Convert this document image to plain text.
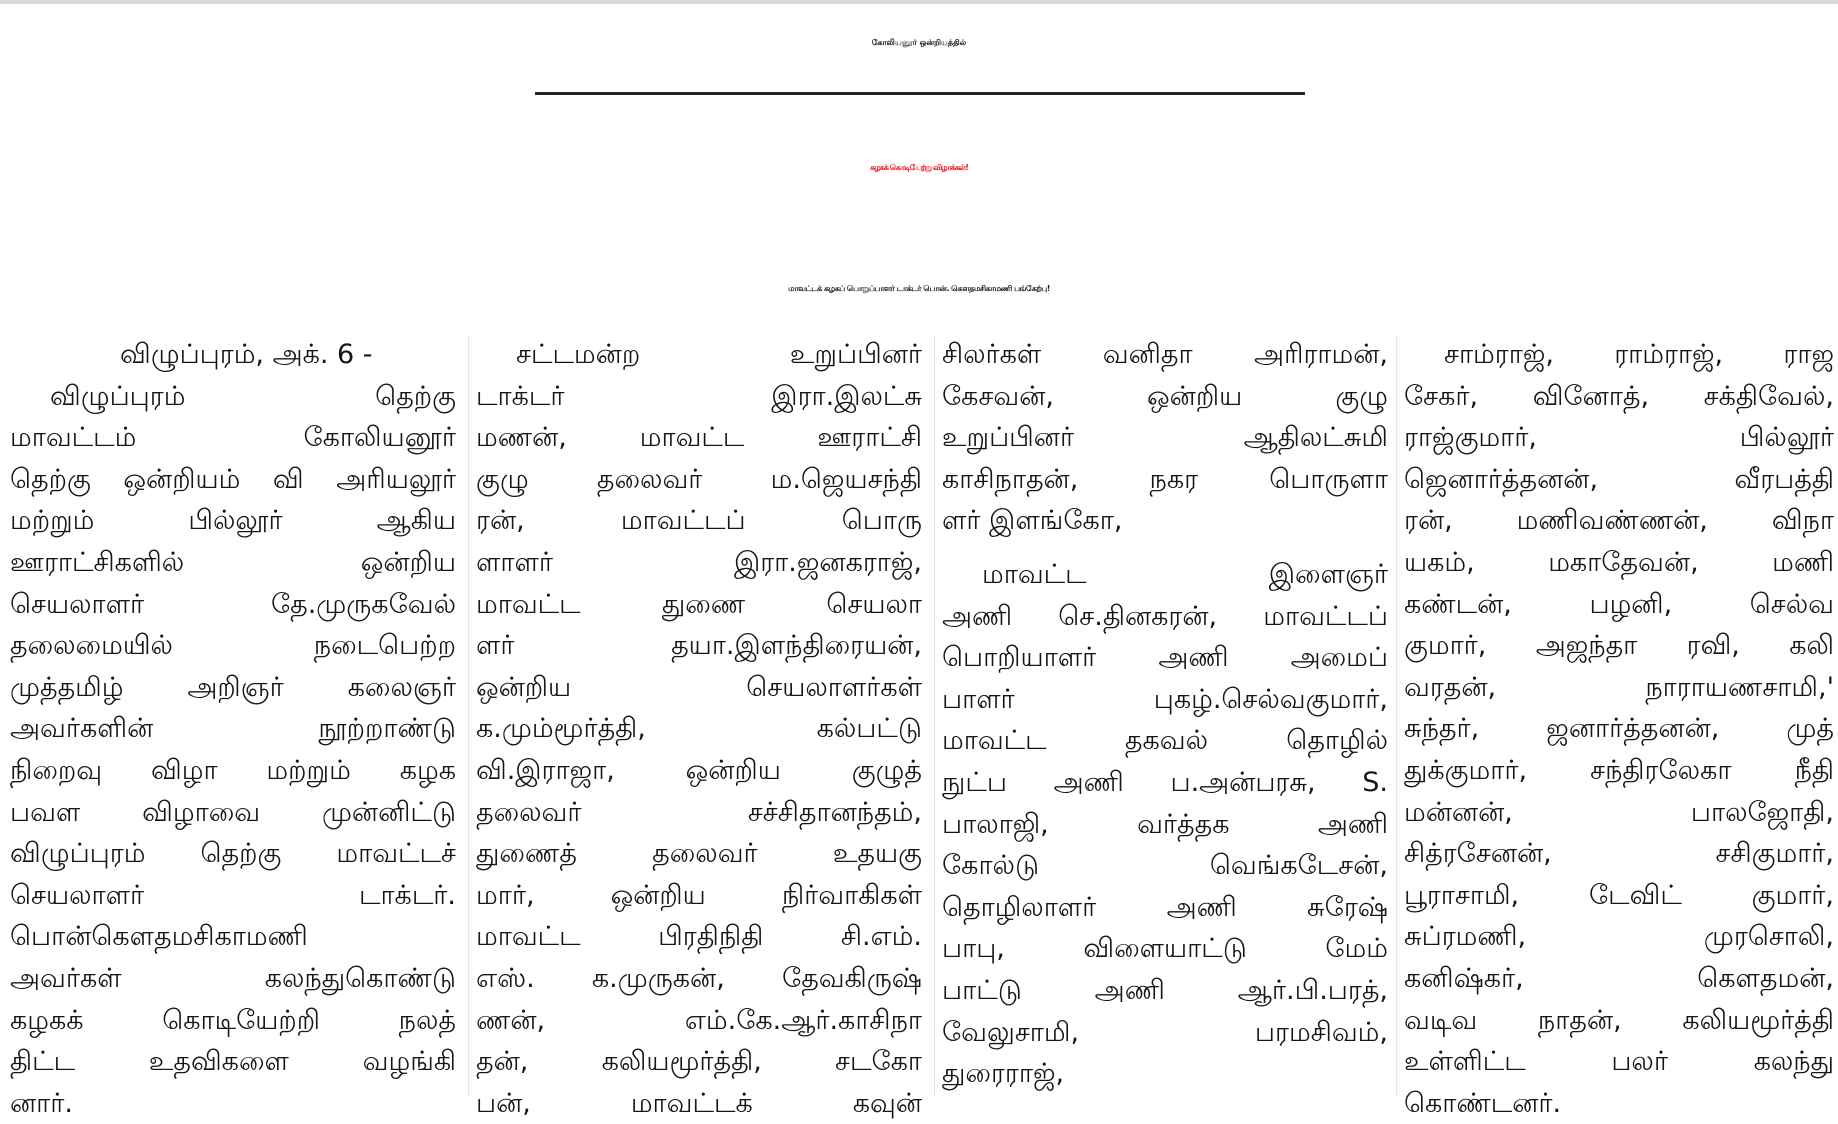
கோலியனூர் ஒன்றியத்தில்
கழகக் கொடியேற்று விழாக்கள்!
மாவட்டக் கழகப் பொறுப்பாளர் டாக்டர் பொன். கௌதமசிகாமணி பங்கேற்பு!
விழுப்புரம், அக். 6 -
விழுப்புரம் தெற்கு
மாவட்டம் கோலியனூர்
தெற்கு ஒன்றியம் வி அரியலூர்
மற்றும் பில்லூர் ஆகிய
ஊராட்சிகளில் ஒன்றிய
செயலாளர் தே.முருகவேல்
தலைமையில் நடைபெற்ற
முத்தமிழ் அறிஞர் கலைஞர்
அவர்களின் நூற்றாண்டு
நிறைவு விழா மற்றும் கழக
பவள விழாவை முன்னிட்டு
விழுப்புரம் தெற்கு மாவட்டச்
செயலாளர் டாக்டர்.
பொன்கௌதமசிகாமணி
அவர்கள் கலந்துகொண்டு
கழகக் கொடியேற்றி நலத்
திட்ட உதவிகளை வழங்கி
னார்.
சட்டமன்ற உறுப்பினர்
டாக்டர் இரா.இலட்சு
மணன், மாவட்ட ஊராட்சி
குழு தலைவர் ம.ஜெயசந்தி
ரன், மாவட்டப் பொரு
ளாளர் இரா.ஜனகராஜ்,
மாவட்ட துணை செயலா
ளர் தயா.இளந்திரையன்,
ஒன்றிய செயலாளர்கள்
க.மும்மூர்த்தி, கல்பட்டு
வி.இராஜா, ஒன்றிய குழுத்
தலைவர் சச்சிதானந்தம்,
துணைத் தலைவர் உதயகு
மார், ஒன்றிய நிர்வாகிகள்
மாவட்ட பிரதிநிதி சி.எம்.
எஸ். க.முருகன், தேவகிருஷ்
ணன், எம்.கே.ஆர்.காசிநா
தன், கலியமூர்த்தி, சடகோ
பன், மாவட்டக் கவுன்
சிலர்கள் வனிதா அரிராமன்,
கேசவன், ஒன்றிய குழு
உறுப்பினர் ஆதிலட்சுமி
காசிநாதன், நகர பொருளா
ளர் இளங்கோ,
மாவட்ட இளைஞர்
அணி செ.தினகரன், மாவட்டப்
பொறியாளர் அணி அமைப்
பாளர் புகழ்.செல்வகுமார்,
மாவட்ட தகவல் தொழில்
நுட்ப அணி ப.அன்பரசு, S.
பாலாஜி, வர்த்தக அணி
கோல்டு வெங்கடேசன்,
தொழிலாளர் அணி சுரேஷ்
பாபு, விளையாட்டு மேம்
பாட்டு அணி ஆர்.பி.பரத்,
வேலுசாமி, பரமசிவம்,
துரைராஜ்,
சாம்ராஜ், ராம்ராஜ், ராஜ
சேகர், வினோத், சக்திவேல்,
ராஜ்குமார், பில்லூர்
ஜெனார்த்தனன், வீரபத்தி
ரன், மணிவண்ணன், விநா
யகம், மகாதேவன், மணி
கண்டன், பழனி, செல்வ
குமார், அஜந்தா ரவி, கலி
வரதன், நாராயணசாமி,'
சுந்தர், ஜனார்த்தனன், முத்
துக்குமார், சந்திரலேகா நீதி
மன்னன், பாலஜோதி,
சித்ரசேனன், சசிகுமார்,
பூராசாமி, டேவிட் குமார்,
சுப்ரமணி, முரசொலி,
கனிஷ்கர், கௌதமன்,
வடிவ நாதன், கலியமூர்த்தி
உள்ளிட்ட பலர் கலந்து
கொண்டனர்.
